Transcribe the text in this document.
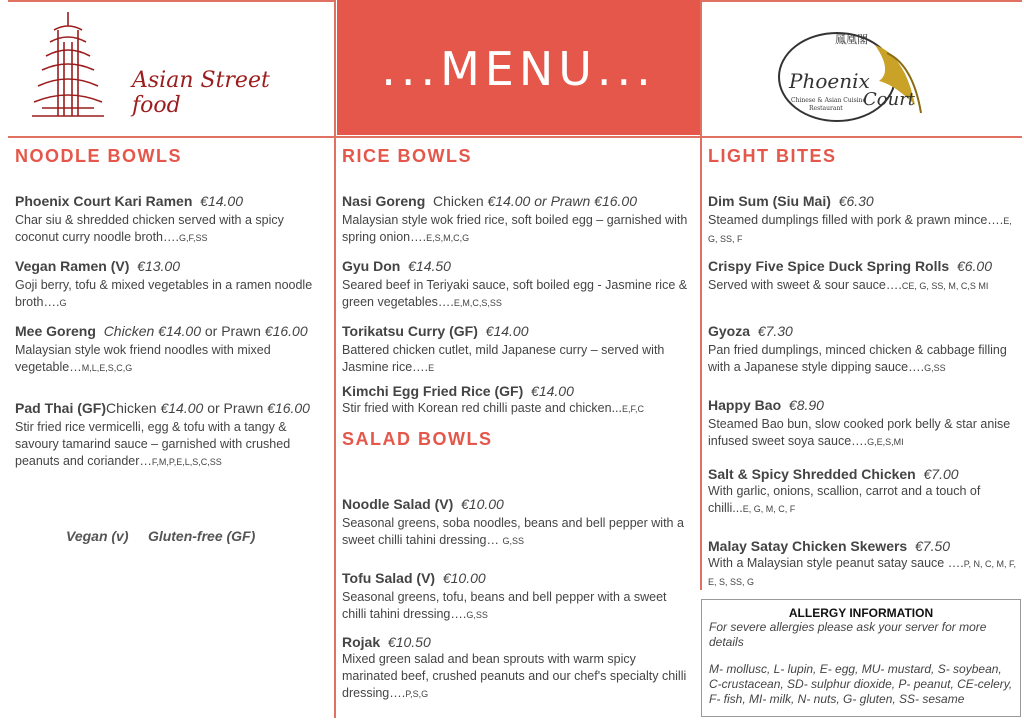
Asian Street food
...MENU...
鳳凰閣
Phoenix
Court
Chinese & Asian Cuisine
Restaurant
NOODLE BOWLS
Phoenix Court Kari Ramen €14.00
Char siu & shredded chicken served with a spicy coconut curry noodle broth….G,F,SS
Vegan Ramen (V) €13.00
Goji berry, tofu & mixed vegetables in a ramen noodle broth….G
Mee Goreng Chicken €14.00 or Prawn €16.00
Malaysian style wok friend noodles with mixed vegetable…M,L,E,S,C,G
Pad Thai (GF)Chicken €14.00 or Prawn €16.00
Stir fried rice vermicelli, egg & tofu with a tangy & savoury tamarind sauce – garnished with crushed peanuts and coriander…F,M,P,E,L,S,C,SS
Vegan (v)     Gluten-free (GF)
RICE BOWLS
Nasi Goreng Chicken €14.00 or Prawn €16.00
Malaysian style wok fried rice, soft boiled egg – garnished with spring onion….E,S,M,C,G
Gyu Don €14.50
Seared beef in Teriyaki sauce, soft boiled egg - Jasmine rice & green vegetables….E,M,C,S,SS
Torikatsu Curry (GF) €14.00
Battered chicken cutlet, mild Japanese curry – served with Jasmine rice….E
Kimchi Egg Fried Rice (GF) €14.00
Stir fried with Korean red chilli paste and chicken...E,F,C
SALAD BOWLS
Noodle Salad (V) €10.00
Seasonal greens, soba noodles, beans and bell pepper with a sweet chilli tahini dressing… G,SS
Tofu Salad (V) €10.00
Seasonal greens, tofu, beans and bell pepper with a sweet chilli tahini dressing….G,SS
Rojak €10.50
Mixed green salad and bean sprouts with warm spicy marinated beef, crushed peanuts and our chef's specialty chilli dressing….P,S,G
LIGHT BITES
Dim Sum (Siu Mai) €6.30
Steamed dumplings filled with pork & prawn mince….E, G, SS, F
Crispy Five Spice Duck Spring Rolls €6.00
Served with sweet & sour sauce….CE, G, SS, M, C,S MI
Gyoza €7.30
Pan fried dumplings, minced chicken & cabbage filling with a Japanese style dipping sauce….G,SS
Happy Bao €8.90
Steamed Bao bun, slow cooked pork belly & star anise infused sweet soya sauce….G,E,S,MI
Salt & Spicy Shredded Chicken €7.00
With garlic, onions, scallion, carrot and a touch of chilli...E, G, M, C, F
Malay Satay Chicken Skewers €7.50
With a Malaysian style peanut satay sauce ….P, N, C, M, F, E, S, SS, G
ALLERGY INFORMATION
For severe allergies please ask your server for more details
M- mollusc, L- lupin, E- egg, MU- mustard, S- soybean, C-crustacean, SD- sulphur dioxide, P- peanut, CE-celery, F- fish, MI- milk, N- nuts, G- gluten, SS- sesame
